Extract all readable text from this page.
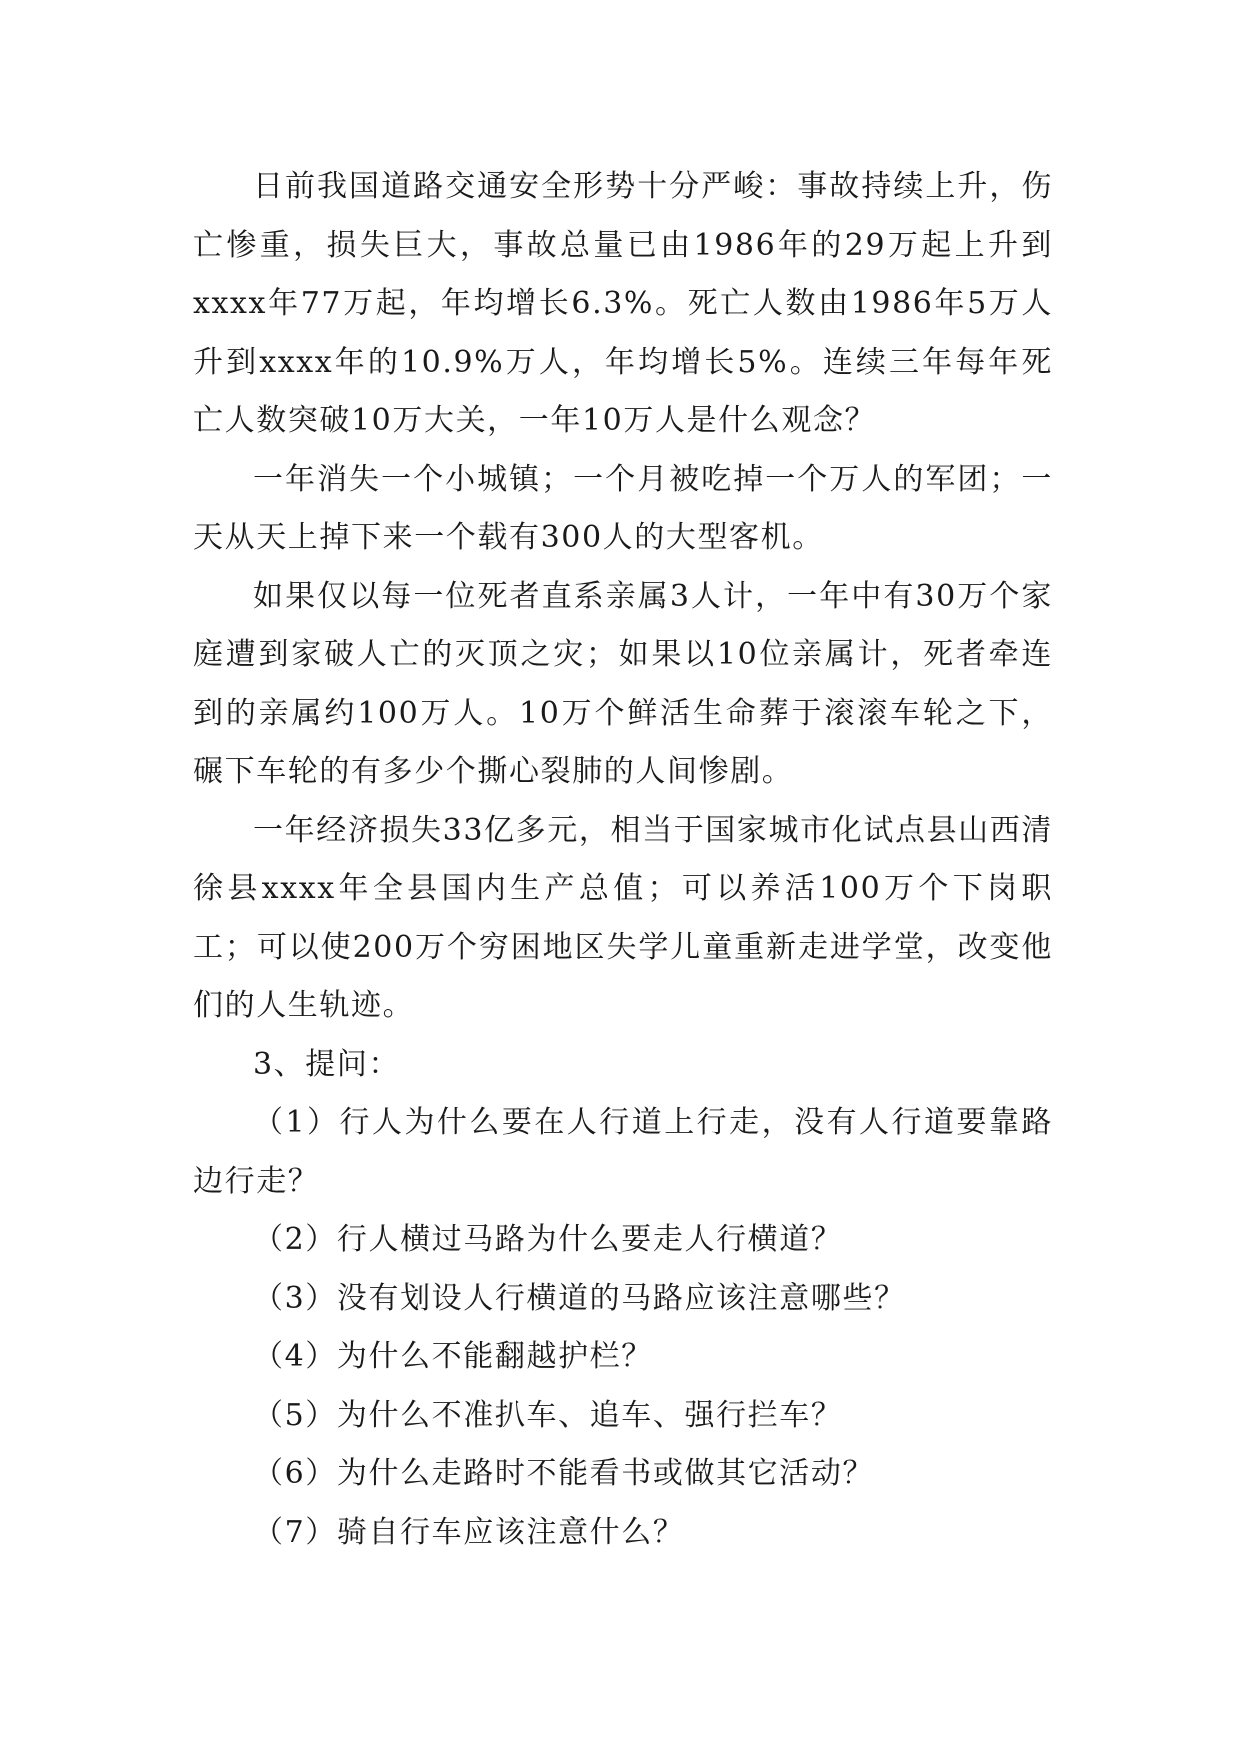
日前我国道路交通安全形势十分严峻：事故持续上升，伤亡惨重，损失巨大，事故总量已由1986年的29万起上升到xxxx年77万起，年均增长6.3%。死亡人数由1986年5万人升到xxxx年的10.9%万人，年均增长5%。连续三年每年死亡人数突破10万大关，一年10万人是什么观念？

一年消失一个小城镇；一个月被吃掉一个万人的军团；一天从天上掉下来一个载有300人的大型客机。

如果仅以每一位死者直系亲属3人计，一年中有30万个家庭遭到家破人亡的灭顶之灾；如果以10位亲属计，死者牵连到的亲属约100万人。10万个鲜活生命葬于滚滚车轮之下，碾下车轮的有多少个撕心裂肺的人间惨剧。

一年经济损失33亿多元，相当于国家城市化试点县山西清徐县xxxx年全县国内生产总值；可以养活100万个下岗职工；可以使200万个穷困地区失学儿童重新走进学堂，改变他们的人生轨迹。

3、提问：

（1）行人为什么要在人行道上行走，没有人行道要靠路边行走？

（2）行人横过马路为什么要走人行横道？

（3）没有划设人行横道的马路应该注意哪些？

（4）为什么不能翻越护栏？

（5）为什么不准扒车、追车、强行拦车？

（6）为什么走路时不能看书或做其它活动？

（7）骑自行车应该注意什么？
